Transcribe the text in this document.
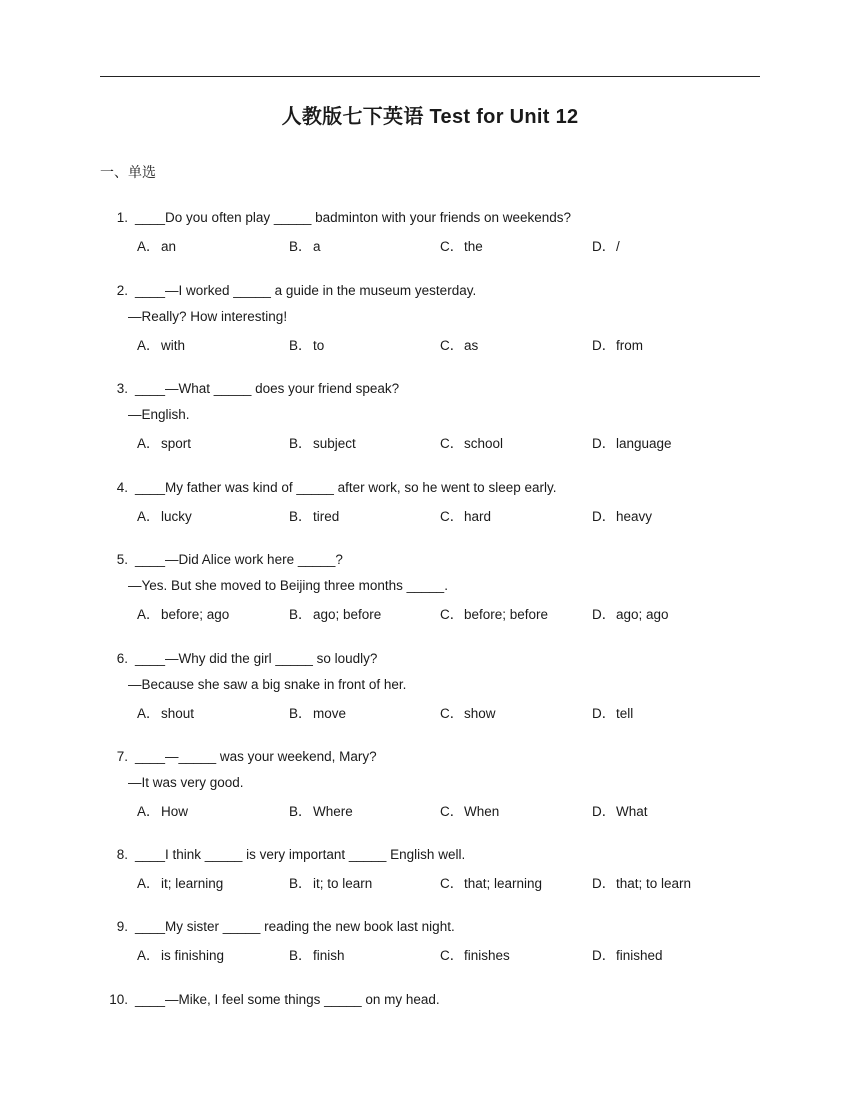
人教版七下英语 Test for Unit 12
一、单选
1. ____Do you often play _____ badminton with your friends on weekends?
A．an	B．a	C．the	D．/
2. ____—I worked _____ a guide in the museum yesterday.
—Really? How interesting!
A．with	B．to	C．as	D．from
3. ____—What _____ does your friend speak?
—English.
A．sport	B．subject	C．school	D．language
4. ____My father was kind of _____ after work, so he went to sleep early.
A．lucky	B．tired	C．hard	D．heavy
5. ____—Did Alice work here _____?
—Yes. But she moved to Beijing three months _____.
A．before; ago	B．ago; before	C．before; before	D．ago; ago
6. ____—Why did the girl _____ so loudly?
—Because she saw a big snake in front of her.
A．shout	B．move	C．show	D．tell
7. ____—_____ was your weekend, Mary?
—It was very good.
A．How	B．Where	C．When	D．What
8. ____I think _____ is very important _____ English well.
A．it; learning	B．it; to learn	C．that; learning	D．that; to learn
9. ____My sister _____ reading the new book last night.
A．is finishing	B．finish	C．finishes	D．finished
10. ____—Mike, I feel some things _____ on my head.
